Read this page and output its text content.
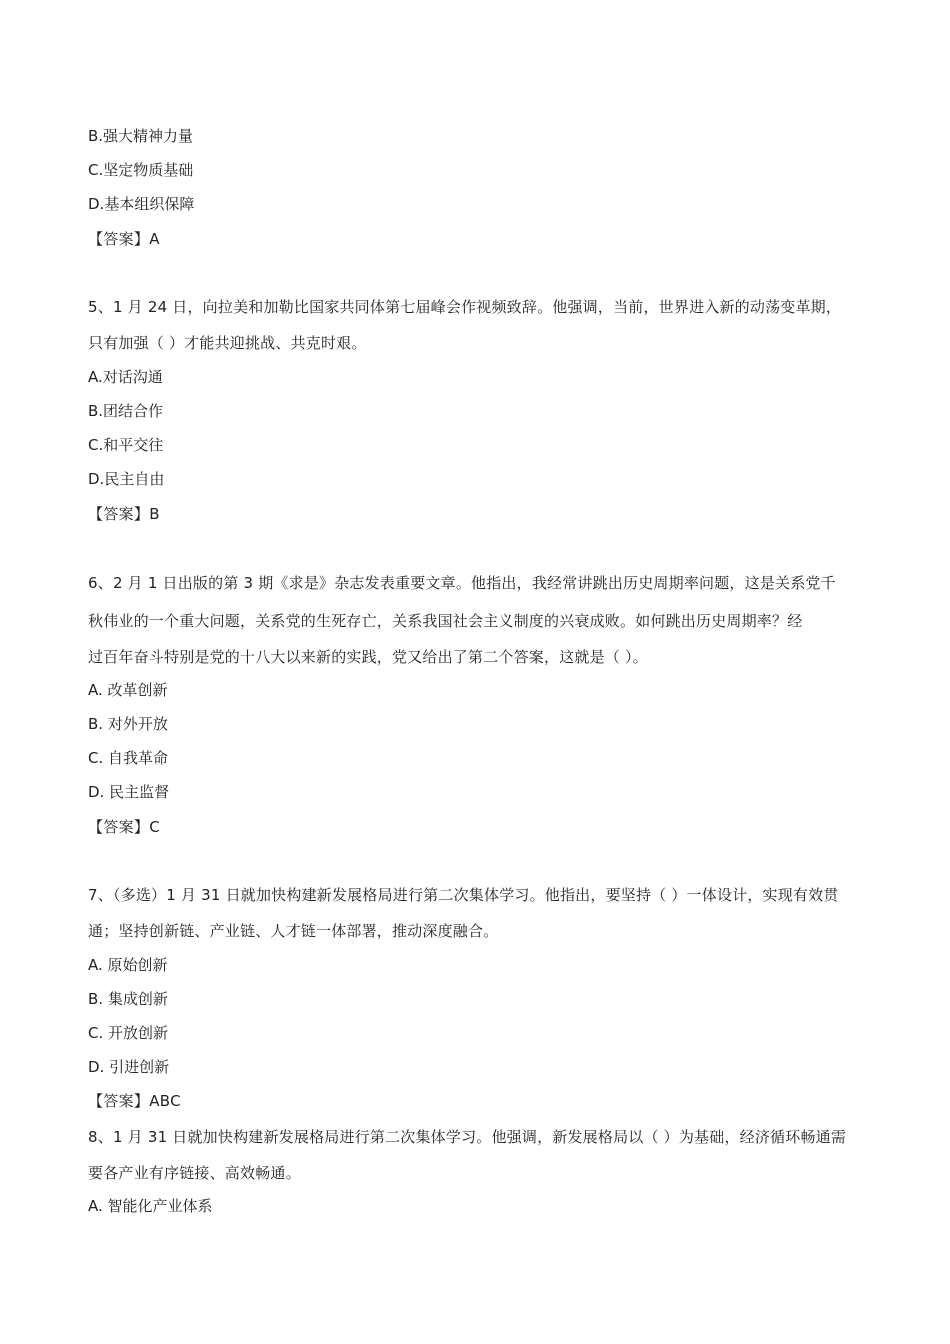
B.强大精神力量
C.坚定物质基础
D.基本组织保障
【答案】A
5、1 月 24 日，向拉美和加勒比国家共同体第七届峰会作视频致辞。他强调，当前，世界进入新的动荡变革期，
只有加强（ ）才能共迎挑战、共克时艰。
A.对话沟通
B.团结合作
C.和平交往
D.民主自由
【答案】B
6、2 月 1 日出版的第 3 期《求是》杂志发表重要文章。他指出，我经常讲跳出历史周期率问题，这是关系党千
秋伟业的一个重大问题，关系党的生死存亡，关系我国社会主义制度的兴衰成败。如何跳出历史周期率？经
过百年奋斗特别是党的十八大以来新的实践，党又给出了第二个答案，这就是（ ）。
A. 改革创新
B. 对外开放
C. 自我革命
D. 民主监督
【答案】C
7、（多选）1 月 31 日就加快构建新发展格局进行第二次集体学习。他指出，要坚持（ ）一体设计，实现有效贯
通；坚持创新链、产业链、人才链一体部署，推动深度融合。
A. 原始创新
B. 集成创新
C. 开放创新
D. 引进创新
【答案】ABC
8、1 月 31 日就加快构建新发展格局进行第二次集体学习。他强调，新发展格局以（ ）为基础，经济循环畅通需
要各产业有序链接、高效畅通。
A. 智能化产业体系
